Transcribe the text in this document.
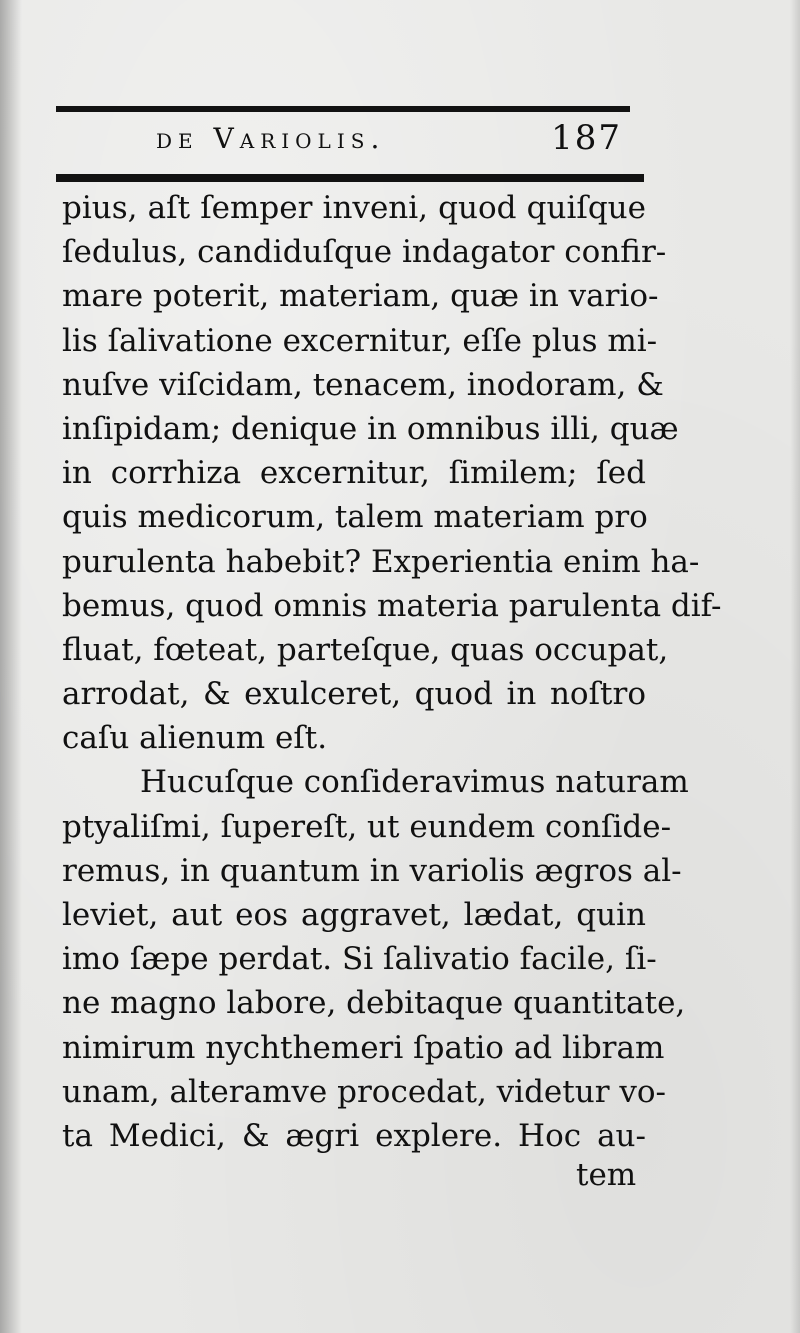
de Variolis.	187
pius, aſt ſemper inveni, quod quiſque
ſedulus, candiduſque indagator confir-
mare poterit, materiam, quæ in vario-
lis ſalivatione excernitur, eſſe plus mi-
nuſve viſcidam, tenacem, inodoram, &
inſipidam; denique in omnibus illi, quæ
in corrhiza excernitur, ſimilem; ſed
quis medicorum, talem materiam pro
purulenta habebit? Experientia enim ha-
bemus, quod omnis materia parulenta dif-
fluat, fœteat, parteſque, quas occupat,
arrodat, & exulceret, quod in noſtro
caſu alienum eſt.
Hucuſque conſideravimus naturam
ptyaliſmi, ſupereſt, ut eundem conſide-
remus, in quantum in variolis ægros al-
leviet, aut eos aggravet, lædat, quin
imo ſæpe perdat. Si ſalivatio facile, ſi-
ne magno labore, debitaque quantitate,
nimirum nychthemeri ſpatio ad libram
unam, alteramve procedat, videtur vo-
ta Medici, & ægri explere. Hoc au-
tem
